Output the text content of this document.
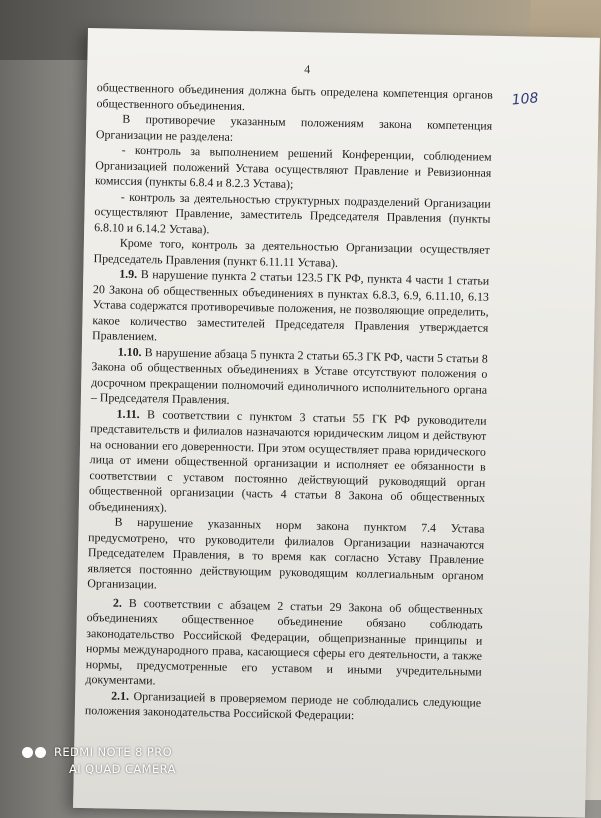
4
108

общественного объединения должна быть определена компетенция органов общественного объединения.

В противоречие указанным положениям закона компетенция Организации не разделена:

- контроль за выполнением решений Конференции, соблюдением Организацией положений Устава осуществляют Правление и Ревизионная комиссия (пункты 6.8.4 и 8.2.3 Устава);

- контроль за деятельностью структурных подразделений Организации осуществляют Правление, заместитель Председателя Правления (пункты 6.8.10 и 6.14.2 Устава).

Кроме того, контроль за деятельностью Организации осуществляет Председатель Правления (пункт 6.11.11 Устава).

1.9. В нарушение пункта 2 статьи 123.5 ГК РФ, пункта 4 части 1 статьи 20 Закона об общественных объединениях в пунктах 6.8.3, 6.9, 6.11.10, 6.13 Устава содержатся противоречивые положения, не позволяющие определить, какое количество заместителей Председателя Правления утверждается Правлением.

1.10. В нарушение абзаца 5 пункта 2 статьи 65.3 ГК РФ, части 5 статьи 8 Закона об общественных объединениях в Уставе отсутствуют положения о досрочном прекращении полномочий единоличного исполнительного органа – Председателя Правления.

1.11. В соответствии с пунктом 3 статьи 55 ГК РФ руководители представительств и филиалов назначаются юридическим лицом и действуют на основании его доверенности. При этом осуществляет права юридического лица от имени общественной организации и исполняет ее обязанности в соответствии с уставом постоянно действующий руководящий орган общественной организации (часть 4 статьи 8 Закона об общественных объединениях).

В нарушение указанных норм закона пунктом 7.4 Устава предусмотрено, что руководители филиалов Организации назначаются Председателем Правления, в то время как согласно Уставу Правление является постоянно действующим руководящим коллегиальным органом Организации.

2. В соответствии с абзацем 2 статьи 29 Закона об общественных объединениях общественное объединение обязано соблюдать законодательство Российской Федерации, общепризнанные принципы и нормы международного права, касающиеся сферы его деятельности, а также нормы, предусмотренные его уставом и иными учредительными документами.

2.1. Организацией в проверяемом периоде не соблюдались следующие положения законодательства Российской Федерации:

REDMI NOTE 8 PRO
AI QUAD CAMERA
